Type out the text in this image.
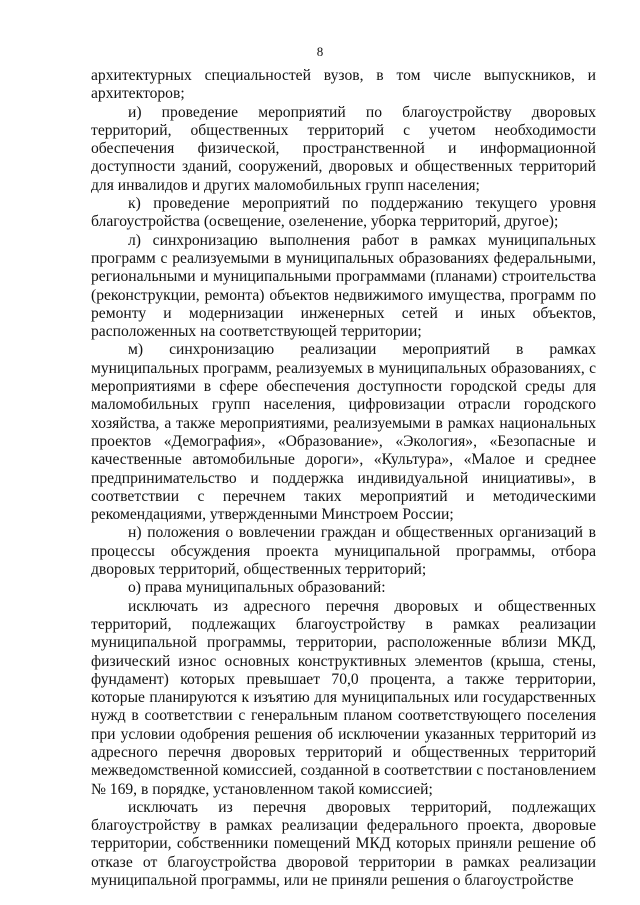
8

архитектурных специальностей вузов, в том числе выпускников, и архитекторов;

и) проведение мероприятий по благоустройству дворовых территорий, общественных территорий с учетом необходимости обеспечения физической, пространственной и информационной доступности зданий, сооружений, дворовых и общественных территорий для инвалидов и других маломобильных групп населения;

к) проведение мероприятий по поддержанию текущего уровня благоустройства (освещение, озеленение, уборка территорий, другое);

л) синхронизацию выполнения работ в рамках муниципальных программ с реализуемыми в муниципальных образованиях федеральными, региональными и муниципальными программами (планами) строительства (реконструкции, ремонта) объектов недвижимого имущества, программ по ремонту и модернизации инженерных сетей и иных объектов, расположенных на соответствующей территории;

м) синхронизацию реализации мероприятий в рамках муниципальных программ, реализуемых в муниципальных образованиях, с мероприятиями в сфере обеспечения доступности городской среды для маломобильных групп населения, цифровизации отрасли городского хозяйства, а также мероприятиями, реализуемыми в рамках национальных проектов «Демография», «Образование», «Экология», «Безопасные и качественные автомобильные дороги», «Культура», «Малое и среднее предпринимательство и поддержка индивидуальной инициативы», в соответствии с перечнем таких мероприятий и методическими рекомендациями, утвержденными Минстроем России;

н) положения о вовлечении граждан и общественных организаций в процессы обсуждения проекта муниципальной программы, отбора дворовых территорий, общественных территорий;

о) права муниципальных образований:

исключать из адресного перечня дворовых и общественных территорий, подлежащих благоустройству в рамках реализации муниципальной программы, территории, расположенные вблизи МКД, физический износ основных конструктивных элементов (крыша, стены, фундамент) которых превышает 70,0 процента, а также территории, которые планируются к изъятию для муниципальных или государственных нужд в соответствии с генеральным планом соответствующего поселения при условии одобрения решения об исключении указанных территорий из адресного перечня дворовых территорий и общественных территорий межведомственной комиссией, созданной в соответствии с постановлением № 169, в порядке, установленном такой комиссией;

исключать из перечня дворовых территорий, подлежащих благоустройству в рамках реализации федерального проекта, дворовые территории, собственники помещений МКД которых приняли решение об отказе от благоустройства дворовой территории в рамках реализации муниципальной программы, или не приняли решения о благоустройстве
